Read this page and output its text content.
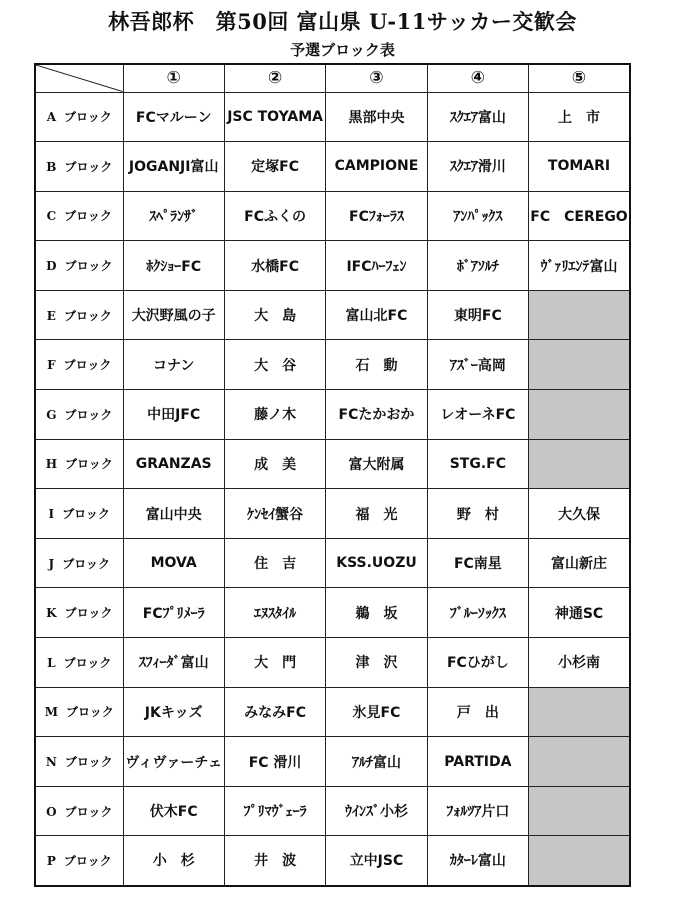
林吾郎杯　第50回 富山県 U-11サッカー交歓会
予選ブロック表
	①	②	③	④	⑤
A ブロック	FCマルーン	JSC TOYAMA	黒部中央	ｽｸｴｱ富山	上　市
B ブロック	JOGANJI富山	定塚FC	CAMPIONE	ｽｸｴｱ滑川	TOMARI
C ブロック	ｽﾍﾟﾗﾝｻﾞ	FCふくの	FCﾌｫｰﾗｽ	ｱﾝﾊﾟｯｸｽ	FC　CEREGO
D ブロック	ﾎｸｼｮｰFC	水橋FC	IFCﾊｰﾌｪﾝ	ﾎﾞｱｿﾙﾁ	ｳﾞｧﾘｴﾝﾃ富山
E ブロック	大沢野風の子	大　島	富山北FC	東明FC	
F ブロック	コナン	大　谷	石　動	ｱｽﾞｰ高岡	
G ブロック	中田JFC	藤ノ木	FCたかおか	レオーネFC	
H ブロック	GRANZAS	成　美	富大附属	STG.FC	
I ブロック	富山中央	ｹﾝｾｲ蟹谷	福　光	野　村	大久保
J ブロック	MOVA	住　吉	KSS.UOZU	FC南星	富山新庄
K ブロック	FCﾌﾟﾘﾒｰﾗ	ｴﾇｽﾀｲﾙ	鵜　坂	ﾌﾞﾙｰｿｯｸｽ	神通SC
L ブロック	ｽﾌｨｰﾀﾞ富山	大　門	津　沢	FCひがし	小杉南
M ブロック	JKキッズ	みなみFC	氷見FC	戸　出	
N ブロック	ヴィヴァーチェ	FC 滑川	ｱﾙﾁ富山	PARTIDA	
O ブロック	伏木FC	ﾌﾟﾘﾏｳﾞｪｰﾗ	ｳｲﾝｽﾞ小杉	ﾌｫﾙﾂｱ片口	
P ブロック	小　杉	井　波	立中JSC	ｶﾀｰﾚ富山	
